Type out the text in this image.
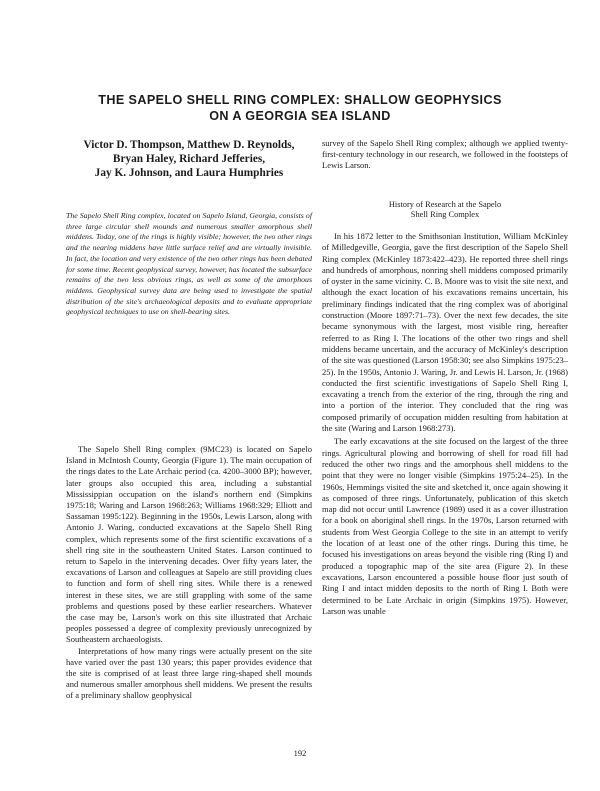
THE SAPELO SHELL RING COMPLEX: SHALLOW GEOPHYSICS
ON A GEORGIA SEA ISLAND
Victor D. Thompson, Matthew D. Reynolds,
Bryan Haley, Richard Jefferies,
Jay K. Johnson, and Laura Humphries
The Sapelo Shell Ring complex, located on Sapelo Island, Georgia, consists of three large circular shell mounds and numerous smaller amorphous shell middens. Today, one of the rings is highly visible; however, the two other rings and the nearing middens have little surface relief and are virtually invisible. In fact, the location and very existence of the two other rings has been debated for some time. Recent geophysical survey, however, has located the subsurface remains of the two less obvious rings, as well as some of the amorphous middens. Geophysical survey data are being used to investigate the spatial distribution of the site's archaeological deposits and to evaluate appropriate geophysical techniques to use on shell-bearing sites.

The Sapelo Shell Ring complex (9MC23) is located on Sapelo Island in McIntosh County, Georgia (Figure 1). The main occupation of the rings dates to the Late Archaic period (ca. 4200–3000 BP); however, later groups also occupied this area, including a substantial Mississippian occupation on the island's northern end (Simpkins 1975:18; Waring and Larson 1968:263; Williams 1968:329; Elliott and Sassaman 1995:122). Beginning in the 1950s, Lewis Larson, along with Antonio J. Waring, conducted excavations at the Sapelo Shell Ring complex, which represents some of the first scientific excavations of a shell ring site in the southeastern United States. Larson continued to return to Sapelo in the intervening decades. Over fifty years later, the excavations of Larson and colleagues at Sapelo are still providing clues to function and form of shell ring sites. While there is a renewed interest in these sites, we are still grappling with some of the same problems and questions posed by these earlier researchers. Whatever the case may be, Larson's work on this site illustrated that Archaic peoples possessed a degree of complexity previously unrecognized by Southeastern archaeologists.

Interpretations of how many rings were actually present on the site have varied over the past 130 years; this paper provides evidence that the site is comprised of at least three large ring-shaped shell mounds and numerous smaller amorphous shell middens. We present the results of a preliminary shallow geophysical

survey of the Sapelo Shell Ring complex; although we applied twenty-first-century technology in our research, we followed in the footsteps of Lewis Larson.

History of Research at the Sapelo
Shell Ring Complex

In his 1872 letter to the Smithsonian Institution, William McKinley of Milledgeville, Georgia, gave the first description of the Sapelo Shell Ring complex (McKinley 1873:422–423). He reported three shell rings and hundreds of amorphous, nonring shell middens composed primarily of oyster in the same vicinity. C. B. Moore was to visit the site next, and although the exact location of his excavations remains uncertain, his preliminary findings indicated that the ring complex was of aboriginal construction (Moore 1897:71–73). Over the next few decades, the site became synonymous with the largest, most visible ring, hereafter referred to as Ring I. The locations of the other two rings and shell middens became uncertain, and the accuracy of McKinley's description of the site was questioned (Larson 1958:30; see also Simpkins 1975:23–25). In the 1950s, Antonio J. Waring, Jr. and Lewis H. Larson, Jr. (1968) conducted the first scientific investigations of Sapelo Shell Ring I, excavating a trench from the exterior of the ring, through the ring and into a portion of the interior. They concluded that the ring was composed primarily of occupation midden resulting from habitation at the site (Waring and Larson 1968:273).

The early excavations at the site focused on the largest of the three rings. Agricultural plowing and borrowing of shell for road fill had reduced the other two rings and the amorphous shell middens to the point that they were no longer visible (Simpkins 1975:24–25). In the 1960s, Hemmings visited the site and sketched it, once again showing it as composed of three rings. Unfortunately, publication of this sketch map did not occur until Lawrence (1989) used it as a cover illustration for a book on aboriginal shell rings. In the 1970s, Larson returned with students from West Georgia College to the site in an attempt to verify the location of at least one of the other rings. During this time, he focused his investigations on areas beyond the visible ring (Ring I) and produced a topographic map of the site area (Figure 2). In these excavations, Larson encountered a possible house floor just south of Ring I and intact midden deposits to the north of Ring I. Both were determined to be Late Archaic in origin (Simpkins 1975). However, Larson was unable

192
